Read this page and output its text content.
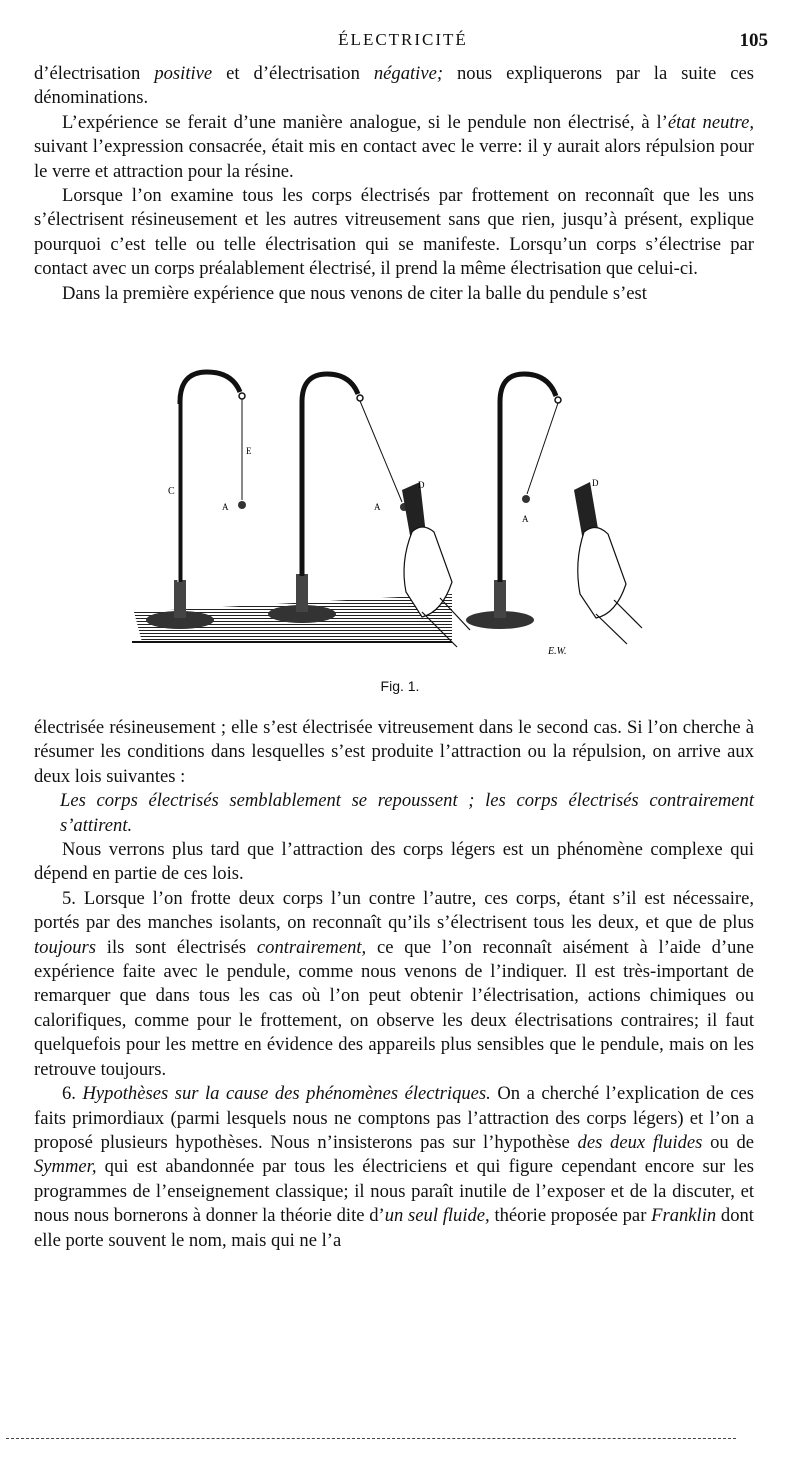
ÉLECTRICITÉ	105

d’électrisation positive et d’électrisation négative; nous expliquerons par la suite ces dénominations.

L’expérience se ferait d’une manière analogue, si le pendule non électrisé, à l’état neutre, suivant l’expression consacrée, était mis en contact avec le verre: il y aurait alors répulsion pour le verre et attraction pour la résine.

Lorsque l’on examine tous les corps électrisés par frottement on reconnaît que les uns s’électrisent résineusement et les autres vitreusement sans que rien, jusqu’à présent, explique pourquoi c’est telle ou telle électrisation qui se manifeste. Lorsqu’un corps s’électrise par contact avec un corps préalablement électrisé, il prend la même électrisation que celui-ci.

Dans la première expérience que nous venons de citer la balle du pendule s’est

E
C
A
D
A
D
A
E.W.
Fig. 1.

électrisée résineusement ; elle s’est électrisée vitreusement dans le second cas. Si l’on cherche à résumer les conditions dans lesquelles s’est produite l’attraction ou la répulsion, on arrive aux deux lois suivantes :

Les corps électrisés semblablement se repoussent ; les corps électrisés contrairement s’attirent.

Nous verrons plus tard que l’attraction des corps légers est un phénomène complexe qui dépend en partie de ces lois.

5. Lorsque l’on frotte deux corps l’un contre l’autre, ces corps, étant s’il est nécessaire, portés par des manches isolants, on reconnaît qu’ils s’électrisent tous les deux, et que de plus toujours ils sont électrisés contrairement, ce que l’on reconnaît aisément à l’aide d’une expérience faite avec le pendule, comme nous venons de l’indiquer. Il est très-important de remarquer que dans tous les cas où l’on peut obtenir l’électrisation, actions chimiques ou calorifiques, comme pour le frottement, on observe les deux électrisations contraires; il faut quelquefois pour les mettre en évidence des appareils plus sensibles que le pendule, mais on les retrouve toujours.

6. Hypothèses sur la cause des phénomènes électriques. On a cherché l’explication de ces faits primordiaux (parmi lesquels nous ne comptons pas l’attraction des corps légers) et l’on a proposé plusieurs hypothèses. Nous n’insisterons pas sur l’hypothèse des deux fluides ou de Symmer, qui est abandonnée par tous les électriciens et qui figure cependant encore sur les programmes de l’enseignement classique; il nous paraît inutile de l’exposer et de la discuter, et nous nous bornerons à donner la théorie dite d’un seul fluide, théorie proposée par Franklin dont elle porte souvent le nom, mais qui ne l’a
